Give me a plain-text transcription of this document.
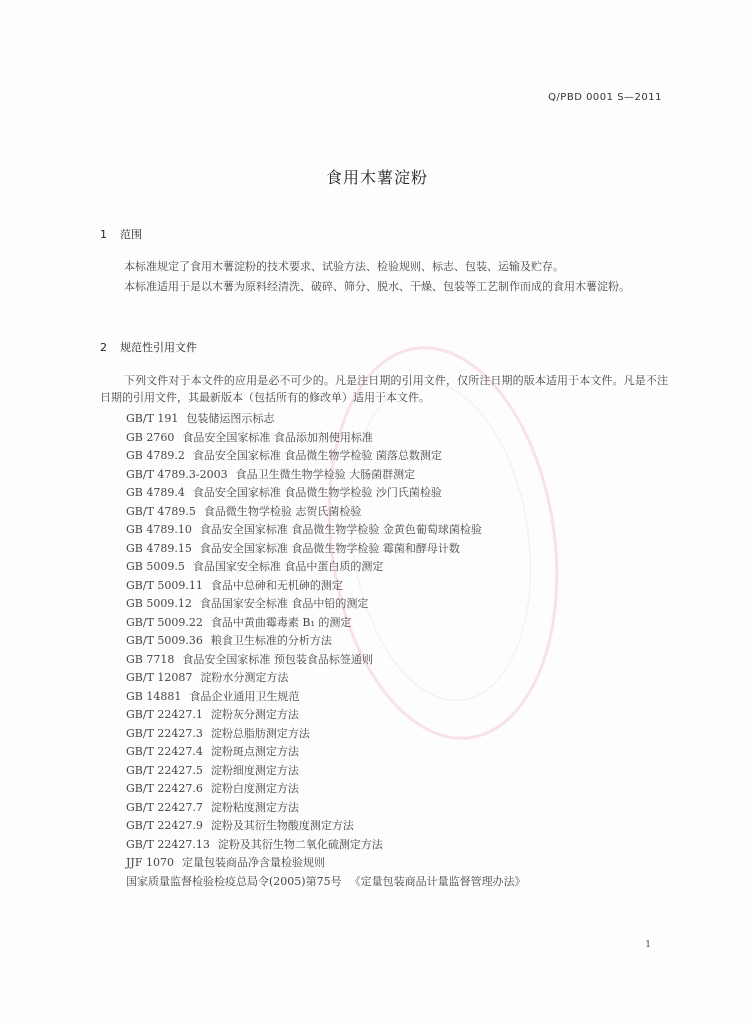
Q/PBD 0001 S—2011
食用木薯淀粉
1 范围
本标准规定了食用木薯淀粉的技术要求、试验方法、检验规则、标志、包装、运输及贮存。
本标准适用于是以木薯为原料经清洗、破碎、筛分、脱水、干燥、包装等工艺制作而成的食用木薯淀粉。
2 规范性引用文件
下列文件对于本文件的应用是必不可少的。凡是注日期的引用文件，仅所注日期的版本适用于本文件。凡是不注日期的引用文件，其最新版本（包括所有的修改单）适用于本文件。
GB/T 191 包装储运图示标志
GB 2760 食品安全国家标准 食品添加剂使用标准
GB 4789.2 食品安全国家标准 食品微生物学检验 菌落总数测定
GB/T 4789.3-2003 食品卫生微生物学检验 大肠菌群测定
GB 4789.4 食品安全国家标准 食品微生物学检验 沙门氏菌检验
GB/T 4789.5 食品微生物学检验 志贺氏菌检验
GB 4789.10 食品安全国家标准 食品微生物学检验 金黄色葡萄球菌检验
GB 4789.15 食品安全国家标准 食品微生物学检验 霉菌和酵母计数
GB 5009.5 食品国家安全标准 食品中蛋白质的测定
GB/T 5009.11 食品中总砷和无机砷的测定
GB 5009.12 食品国家安全标准 食品中铅的测定
GB/T 5009.22 食品中黄曲霉毒素 B₁ 的测定
GB/T 5009.36 粮食卫生标准的分析方法
GB 7718 食品安全国家标准 预包装食品标签通则
GB/T 12087 淀粉水分测定方法
GB 14881 食品企业通用卫生规范
GB/T 22427.1 淀粉灰分测定方法
GB/T 22427.3 淀粉总脂肪测定方法
GB/T 22427.4 淀粉斑点测定方法
GB/T 22427.5 淀粉细度测定方法
GB/T 22427.6 淀粉白度测定方法
GB/T 22427.7 淀粉粘度测定方法
GB/T 22427.9 淀粉及其衍生物酸度测定方法
GB/T 22427.13 淀粉及其衍生物二氧化硫测定方法
JJF 1070 定量包装商品净含量检验规则
国家质量监督检验检疫总局令(2005)第75号 《定量包装商品计量监督管理办法》
1
